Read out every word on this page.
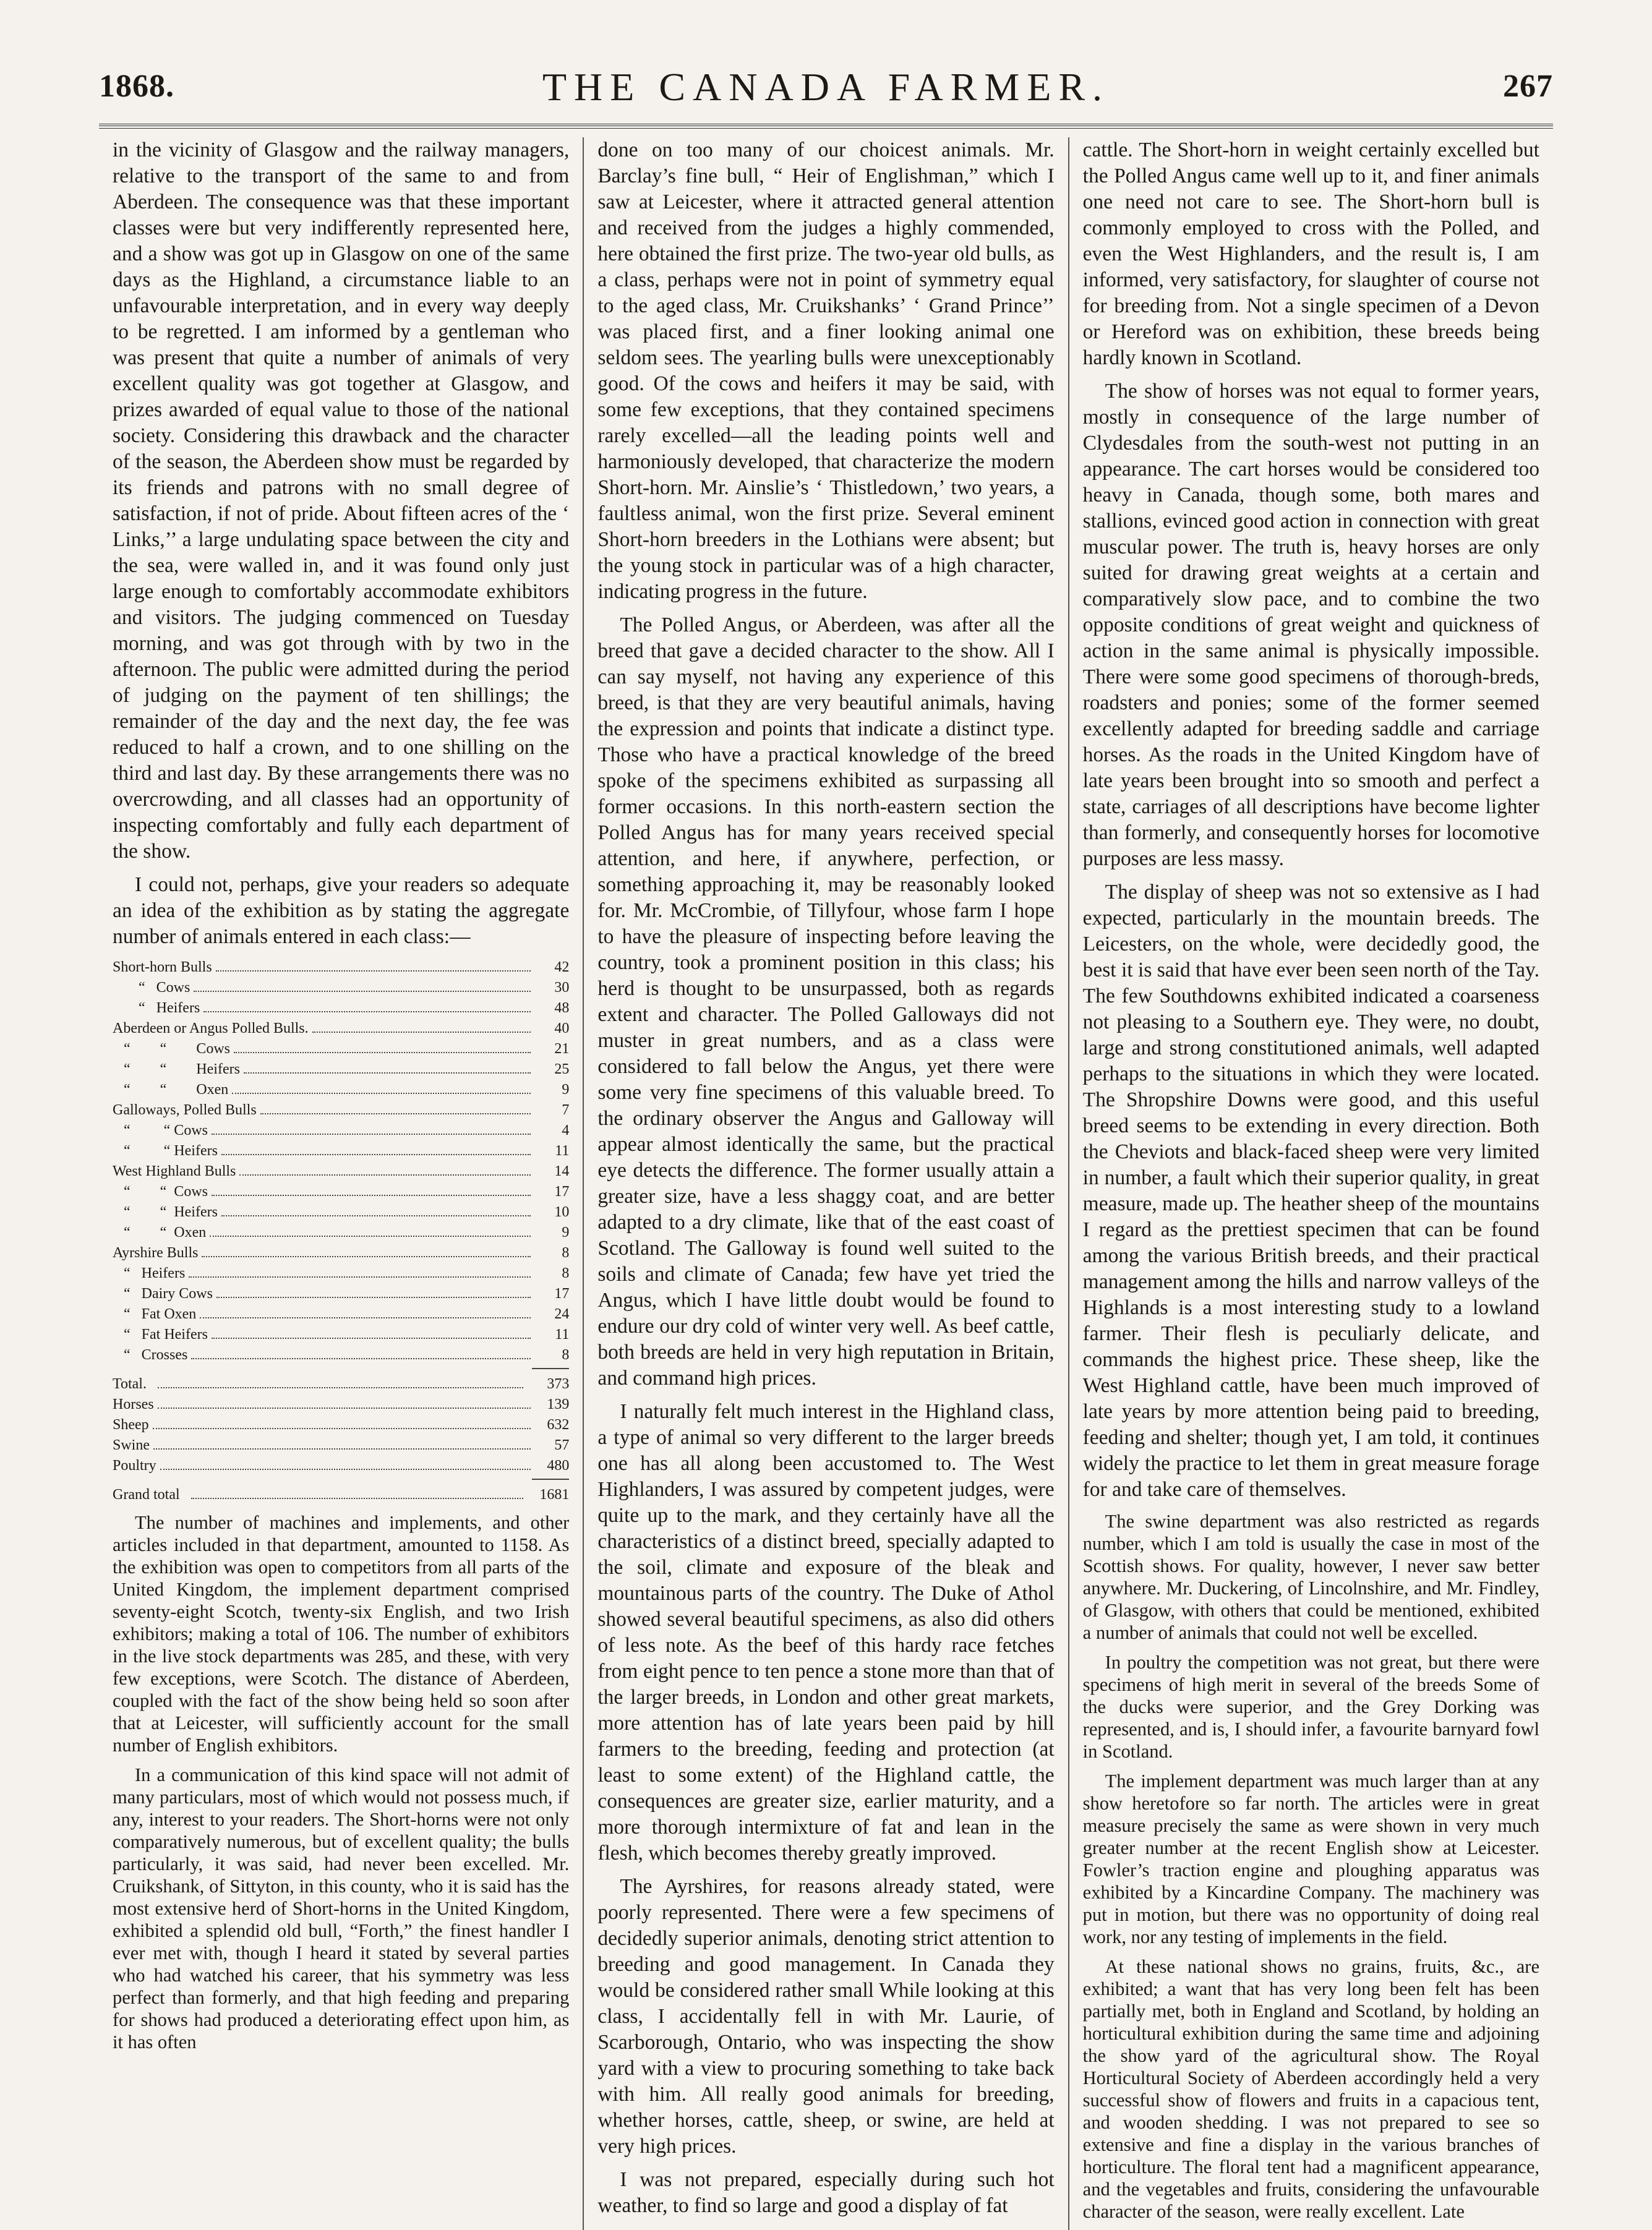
1868.	THE CANADA FARMER.	267

in the vicinity of Glasgow and the railway managers, relative to the transport of the same to and from Aberdeen. The consequence was that these important classes were but very indifferently represented here, and a show was got up in Glasgow on one of the same days as the Highland, a circumstance liable to an unfavourable interpretation, and in every way deeply to be regretted. I am informed by a gentleman who was present that quite a number of animals of very excellent quality was got together at Glasgow, and prizes awarded of equal value to those of the national society. Considering this drawback and the character of the season, the Aberdeen show must be regarded by its friends and patrons with no small degree of satisfaction, if not of pride. About fifteen acres of the ‘ Links,’’ a large undulating space between the city and the sea, were walled in, and it was found only just large enough to comfortably accommodate exhibitors and visitors. The judging commenced on Tuesday morning, and was got through with by two in the afternoon. The public were admitted during the period of judging on the payment of ten shillings; the remainder of the day and the next day, the fee was reduced to half a crown, and to one shilling on the third and last day. By these arrangements there was no overcrowding, and all classes had an opportunity of inspecting comfortably and fully each department of the show.

I could not, perhaps, give your readers so adequate an idea of the exhibition as by stating the aggregate number of animals entered in each class:—

Short-horn Bulls	42
“   Cows	30
“   Heifers	48
Aberdeen or Angus Polled Bulls.	40
“        “        Cows	21
“        “        Heifers	25
“        “        Oxen	9
Galloways, Polled Bulls	7
“         “ Cows	4
“         “ Heifers	11
West Highland Bulls	14
“        “  Cows	17
“        “  Heifers	10
“        “  Oxen	9
Ayrshire Bulls	8
“   Heifers	8
“   Dairy Cows	17
“   Fat Oxen	24
“   Fat Heifers	11
“   Crosses	8
Total.	373
Horses	139
Sheep	632
Swine	57
Poultry	480
Grand total	1681

The number of machines and implements, and other articles included in that department, amounted to 1158. As the exhibition was open to competitors from all parts of the United Kingdom, the implement department comprised seventy-eight Scotch, twenty-six English, and two Irish exhibitors; making a total of 106. The number of exhibitors in the live stock departments was 285, and these, with very few exceptions, were Scotch. The distance of Aberdeen, coupled with the fact of the show being held so soon after that at Leicester, will sufficiently account for the small number of English exhibitors.

In a communication of this kind space will not admit of many particulars, most of which would not possess much, if any, interest to your readers. The Short-horns were not only comparatively numerous, but of excellent quality; the bulls particularly, it was said, had never been excelled. Mr. Cruikshank, of Sittyton, in this county, who it is said has the most extensive herd of Short-horns in the United Kingdom, exhibited a splendid old bull, “Forth,” the finest handler I ever met with, though I heard it stated by several parties who had watched his career, that his symmetry was less perfect than formerly, and that high feeding and preparing for shows had produced a deteriorating effect upon him, as it has often

done on too many of our choicest animals. Mr. Barclay’s fine bull, “ Heir of Englishman,” which I saw at Leicester, where it attracted general attention and received from the judges a highly commended, here obtained the first prize. The two-year old bulls, as a class, perhaps were not in point of symmetry equal to the aged class, Mr. Cruikshanks’ ‘ Grand Prince’’ was placed first, and a finer looking animal one seldom sees. The yearling bulls were unexceptionably good. Of the cows and heifers it may be said, with some few exceptions, that they contained specimens rarely excelled—all the leading points well and harmoniously developed, that characterize the modern Short-horn. Mr. Ainslie’s ‘ Thistledown,’ two years, a faultless animal, won the first prize. Several eminent Short-horn breeders in the Lothians were absent; but the young stock in particular was of a high character, indicating progress in the future.

The Polled Angus, or Aberdeen, was after all the breed that gave a decided character to the show. All I can say myself, not having any experience of this breed, is that they are very beautiful animals, having the expression and points that indicate a distinct type. Those who have a practical knowledge of the breed spoke of the specimens exhibited as surpassing all former occasions. In this north-eastern section the Polled Angus has for many years received special attention, and here, if anywhere, perfection, or something approaching it, may be reasonably looked for. Mr. McCrombie, of Tillyfour, whose farm I hope to have the pleasure of inspecting before leaving the country, took a prominent position in this class; his herd is thought to be unsurpassed, both as regards extent and character. The Polled Galloways did not muster in great numbers, and as a class were considered to fall below the Angus, yet there were some very fine specimens of this valuable breed. To the ordinary observer the Angus and Galloway will appear almost identically the same, but the practical eye detects the difference. The former usually attain a greater size, have a less shaggy coat, and are better adapted to a dry climate, like that of the east coast of Scotland. The Galloway is found well suited to the soils and climate of Canada; few have yet tried the Angus, which I have little doubt would be found to endure our dry cold of winter very well. As beef cattle, both breeds are held in very high reputation in Britain, and command high prices.

I naturally felt much interest in the Highland class, a type of animal so very different to the larger breeds one has all along been accustomed to. The West Highlanders, I was assured by competent judges, were quite up to the mark, and they certainly have all the characteristics of a distinct breed, specially adapted to the soil, climate and exposure of the bleak and mountainous parts of the country. The Duke of Athol showed several beautiful specimens, as also did others of less note. As the beef of this hardy race fetches from eight pence to ten pence a stone more than that of the larger breeds, in London and other great markets, more attention has of late years been paid by hill farmers to the breeding, feeding and protection (at least to some extent) of the Highland cattle, the consequences are greater size, earlier maturity, and a more thorough intermixture of fat and lean in the flesh, which becomes thereby greatly improved.

The Ayrshires, for reasons already stated, were poorly represented. There were a few specimens of decidedly superior animals, denoting strict attention to breeding and good management. In Canada they would be considered rather small While looking at this class, I accidentally fell in with Mr. Laurie, of Scarborough, Ontario, who was inspecting the show yard with a view to procuring something to take back with him. All really good animals for breeding, whether horses, cattle, sheep, or swine, are held at very high prices.

I was not prepared, especially during such hot weather, to find so large and good a display of fat

cattle. The Short-horn in weight certainly excelled but the Polled Angus came well up to it, and finer animals one need not care to see. The Short-horn bull is commonly employed to cross with the Polled, and even the West Highlanders, and the result is, I am informed, very satisfactory, for slaughter of course not for breeding from. Not a single specimen of a Devon or Hereford was on exhibition, these breeds being hardly known in Scotland.

The show of horses was not equal to former years, mostly in consequence of the large number of Clydesdales from the south-west not putting in an appearance. The cart horses would be considered too heavy in Canada, though some, both mares and stallions, evinced good action in connection with great muscular power. The truth is, heavy horses are only suited for drawing great weights at a certain and comparatively slow pace, and to combine the two opposite conditions of great weight and quickness of action in the same animal is physically impossible. There were some good specimens of thorough-breds, roadsters and ponies; some of the former seemed excellently adapted for breeding saddle and carriage horses. As the roads in the United Kingdom have of late years been brought into so smooth and perfect a state, carriages of all descriptions have become lighter than formerly, and consequently horses for locomotive purposes are less massy.

The display of sheep was not so extensive as I had expected, particularly in the mountain breeds. The Leicesters, on the whole, were decidedly good, the best it is said that have ever been seen north of the Tay. The few Southdowns exhibited indicated a coarseness not pleasing to a Southern eye. They were, no doubt, large and strong constitutioned animals, well adapted perhaps to the situations in which they were located. The Shropshire Downs were good, and this useful breed seems to be extending in every direction. Both the Cheviots and black-faced sheep were very limited in number, a fault which their superior quality, in great measure, made up. The heather sheep of the mountains I regard as the prettiest specimen that can be found among the various British breeds, and their practical management among the hills and narrow valleys of the Highlands is a most interesting study to a lowland farmer. Their flesh is peculiarly delicate, and commands the highest price. These sheep, like the West Highland cattle, have been much improved of late years by more attention being paid to breeding, feeding and shelter; though yet, I am told, it continues widely the practice to let them in great measure forage for and take care of themselves.

The swine department was also restricted as regards number, which I am told is usually the case in most of the Scottish shows. For quality, however, I never saw better anywhere. Mr. Duckering, of Lincolnshire, and Mr. Findley, of Glasgow, with others that could be mentioned, exhibited a number of animals that could not well be excelled.

In poultry the competition was not great, but there were specimens of high merit in several of the breeds Some of the ducks were superior, and the Grey Dorking was represented, and is, I should infer, a favourite barnyard fowl in Scotland.

The implement department was much larger than at any show heretofore so far north. The articles were in great measure precisely the same as were shown in very much greater number at the recent English show at Leicester. Fowler’s traction engine and ploughing apparatus was exhibited by a Kincardine Company. The machinery was put in motion, but there was no opportunity of doing real work, nor any testing of implements in the field.

At these national shows no grains, fruits, &c., are exhibited; a want that has very long been felt has been partially met, both in England and Scotland, by holding an horticultural exhibition during the same time and adjoining the show yard of the agricultural show. The Royal Horticultural Society of Aberdeen accordingly held a very successful show of flowers and fruits in a capacious tent, and wooden shedding. I was not prepared to see so extensive and fine a display in the various branches of horticulture. The floral tent had a magnificent appearance, and the vegetables and fruits, considering the unfavourable character of the season, were really excellent. Late
